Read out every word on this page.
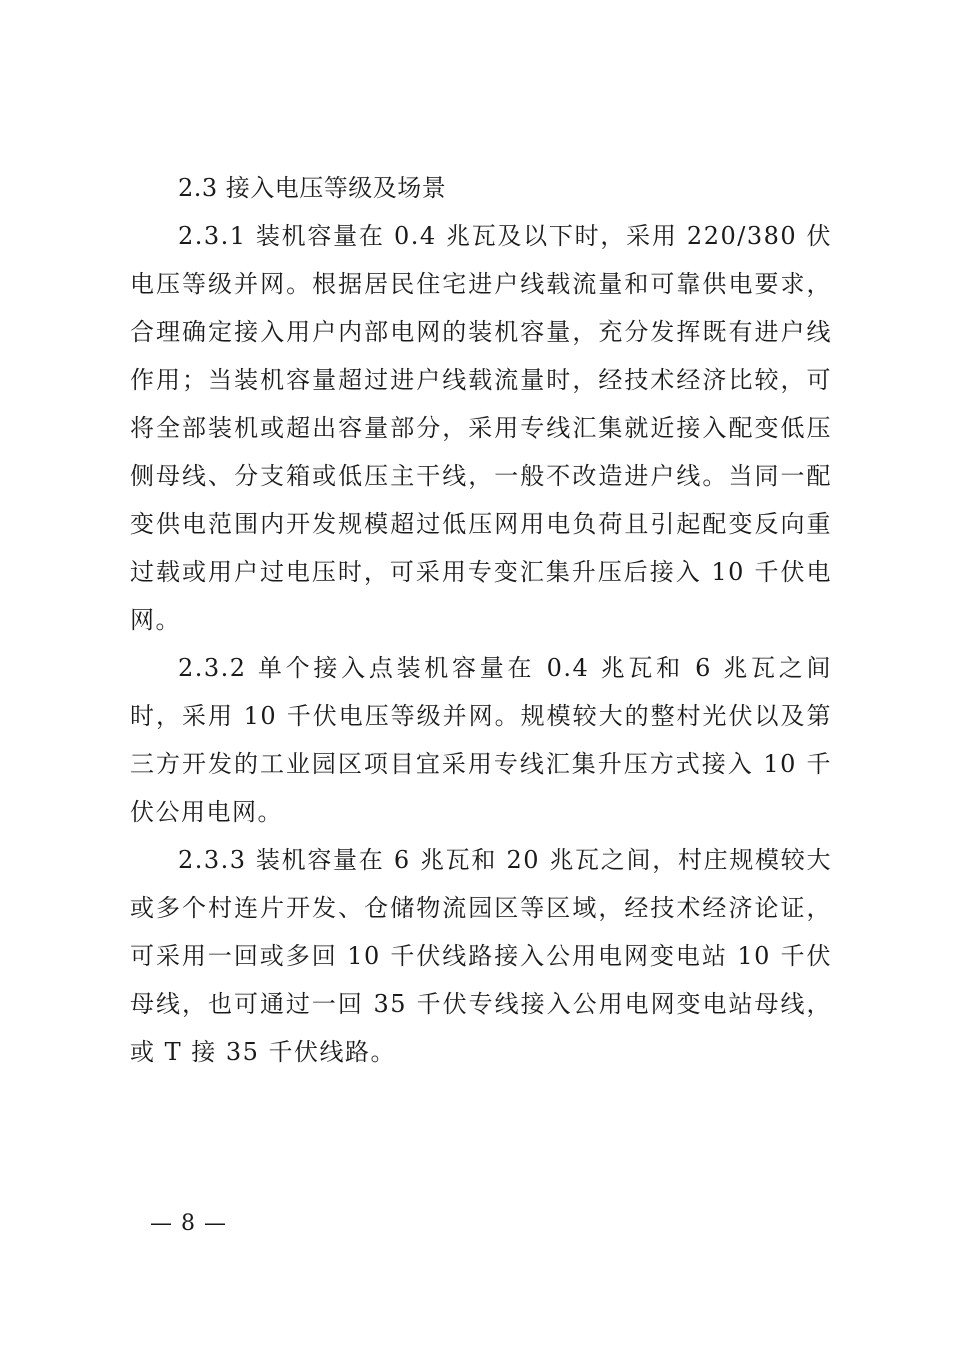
2.3 接入电压等级及场景

2.3.1 装机容量在 0.4 兆瓦及以下时，采用 220/380 伏电压等级并网。根据居民住宅进户线载流量和可靠供电要求，合理确定接入用户内部电网的装机容量，充分发挥既有进户线作用；当装机容量超过进户线载流量时，经技术经济比较，可将全部装机或超出容量部分，采用专线汇集就近接入配变低压侧母线、分支箱或低压主干线，一般不改造进户线。当同一配变供电范围内开发规模超过低压网用电负荷且引起配变反向重过载或用户过电压时，可采用专变汇集升压后接入 10 千伏电网。

2.3.2 单个接入点装机容量在 0.4 兆瓦和 6 兆瓦之间时，采用 10 千伏电压等级并网。规模较大的整村光伏以及第三方开发的工业园区项目宜采用专线汇集升压方式接入 10 千伏公用电网。

2.3.3 装机容量在 6 兆瓦和 20 兆瓦之间，村庄规模较大或多个村连片开发、仓储物流园区等区域，经技术经济论证，可采用一回或多回 10 千伏线路接入公用电网变电站 10 千伏母线，也可通过一回 35 千伏专线接入公用电网变电站母线，或 T 接 35 千伏线路。

— 8 —
